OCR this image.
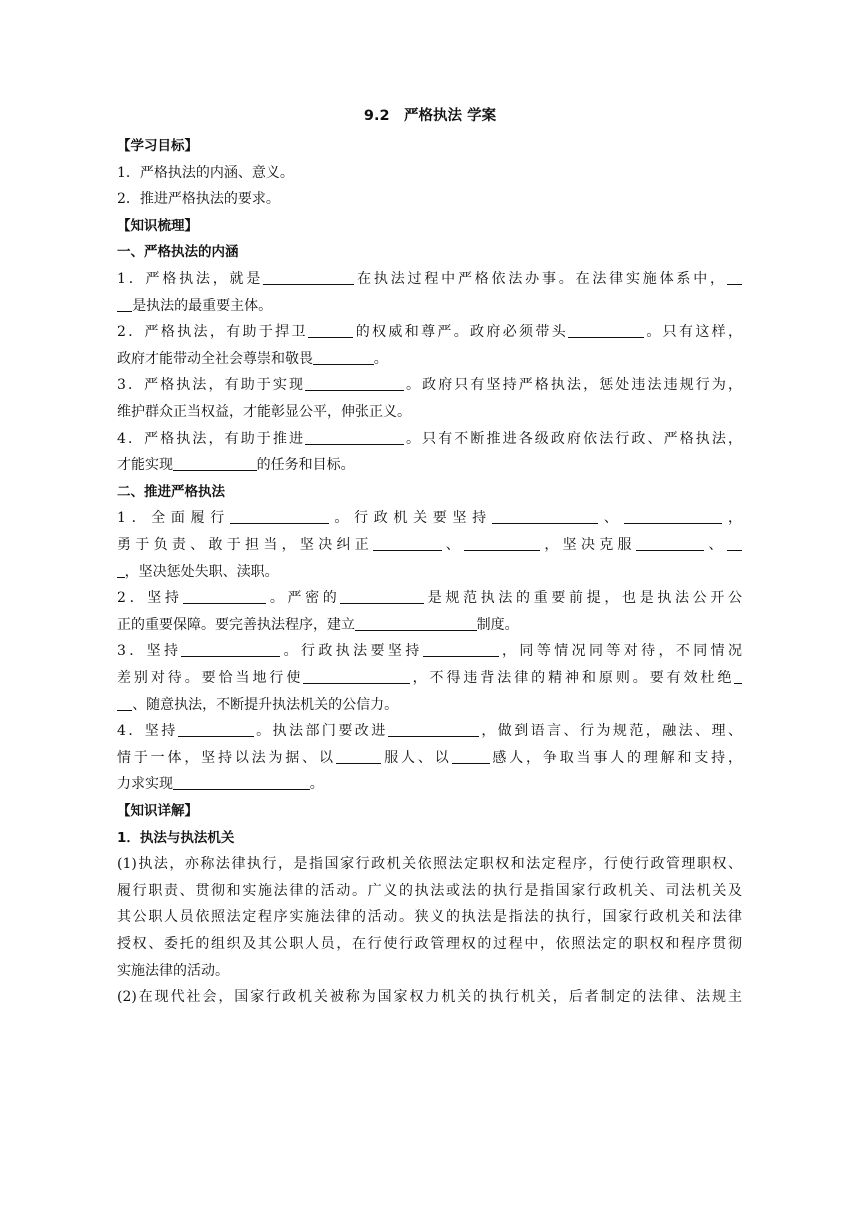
9.2　严格执法 学案
【学习目标】
1．严格执法的内涵、意义。
2．推进严格执法的要求。
【知识梳理】
一、严格执法的内涵
1．严格执法，就是	在执法过程中严格依法办事。在法律实施体系中，
是执法的最重要主体。
2．严格执法，有助于捍卫	的权威和尊严。政府必须带头	。只有这样，
政府才能带动全社会尊崇和敬畏	。
3．严格执法，有助于实现	。政府只有坚持严格执法，惩处违法违规行为，
维护群众正当权益，才能彰显公平，伸张正义。
4．严格执法，有助于推进	。只有不断推进各级政府依法行政、严格执法，
才能实现	的任务和目标。
二、推进严格执法
1．全面履行	。行政机关要坚持	、	，
勇于负责、敢于担当，坚决纠正	、	，坚决克服	、
，坚决惩处失职、渎职。
2．坚持	。严密的	是规范执法的重要前提，也是执法公开公
正的重要保障。要完善执法程序，建立	制度。
3．坚持	。行政执法要坚持	，同等情况同等对待，不同情况
差别对待。要恰当地行使	，不得违背法律的精神和原则。要有效杜绝
、随意执法，不断提升执法机关的公信力。
4．坚持	。执法部门要改进	，做到语言、行为规范，融法、理、
情于一体，坚持以法为据、以	服人、以	感人，争取当事人的理解和支持，
力求实现	。
【知识详解】
1．执法与执法机关
(1)执法，亦称法律执行，是指国家行政机关依照法定职权和法定程序，行使行政管理职权、
履行职责、贯彻和实施法律的活动。广义的执法或法的执行是指国家行政机关、司法机关及
其公职人员依照法定程序实施法律的活动。狭义的执法是指法的执行，国家行政机关和法律
授权、委托的组织及其公职人员，在行使行政管理权的过程中，依照法定的职权和程序贯彻
实施法律的活动。
(2)在现代社会，国家行政机关被称为国家权力机关的执行机关，后者制定的法律、法规主
